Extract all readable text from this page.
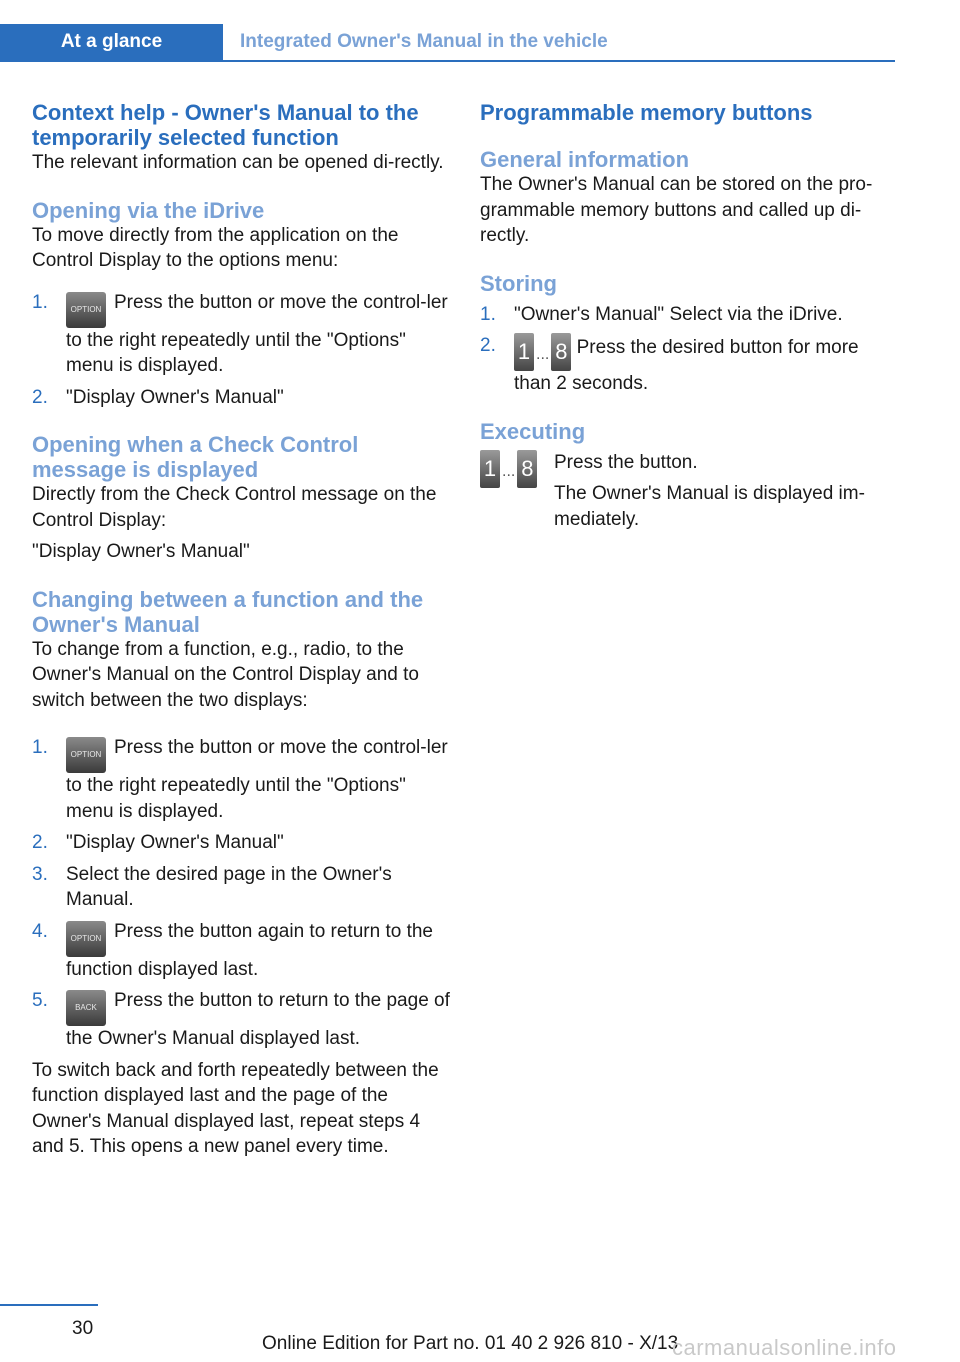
At a glance	Integrated Owner's Manual in the vehicle
Context help - Owner's Manual to the temporarily selected function

The relevant information can be opened di‐rectly.

Opening via the iDrive

To move directly from the application on the Control Display to the options menu:

1.	OPTION Press the button or move the control‐ler to the right repeatedly until the "Options" menu is displayed.
2. "Display Owner's Manual"
Opening when a Check Control message is displayed

Directly from the Check Control message on the Control Display:

"Display Owner's Manual"

Changing between a function and the Owner's Manual

To change from a function, e.g., radio, to the Owner's Manual on the Control Display and to switch between the two displays:

1.	OPTION Press the button or move the control‐ler to the right repeatedly until the "Options" menu is displayed.
2. "Display Owner's Manual"
3. Select the desired page in the Owner's Manual.
4.	OPTION Press the button again to return to the function displayed last.
5.	BACK Press the button to return to the page of the Owner's Manual displayed last.

To switch back and forth repeatedly between the function displayed last and the page of the Owner's Manual displayed last, repeat steps 4 and 5. This opens a new panel every time.

Programmable memory buttons
General information

The Owner's Manual can be stored on the pro‐grammable memory buttons and called up di‐rectly.

Storing
1. "Owner's Manual" Select via the iDrive.
2. 1 ... 8 Press the desired button for more than 2 seconds.
Executing
1 ... 8	Press the button.

The Owner's Manual is displayed im‐mediately.

30
Online Edition for Part no. 01 40 2 926 810 - X/13
carmanualsonline.info
